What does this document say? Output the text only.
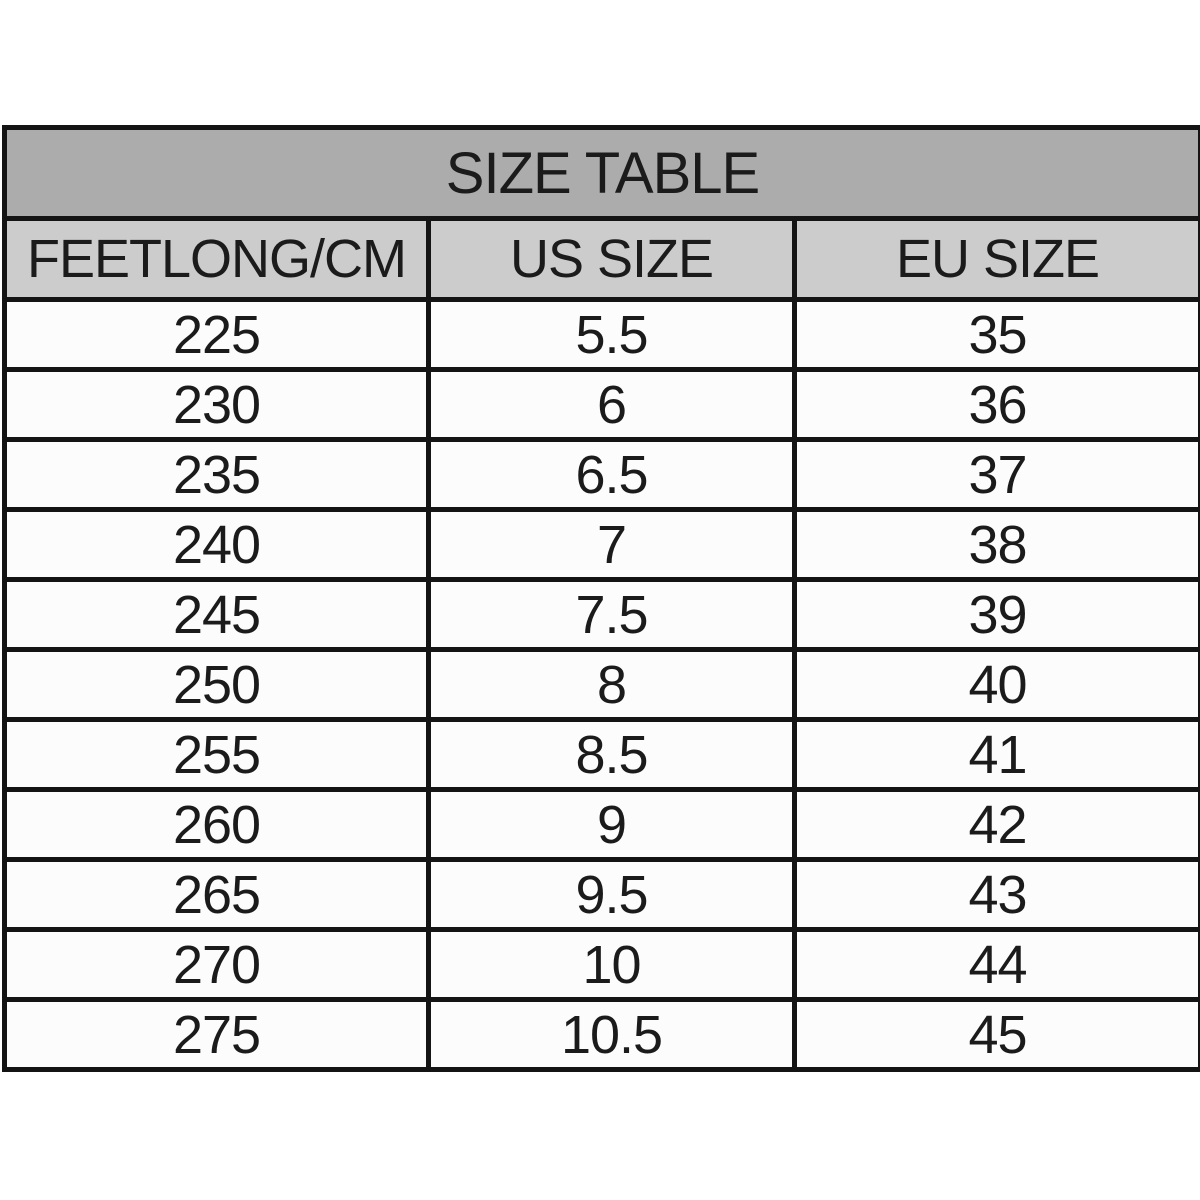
SIZE TABLE		
FEETLONG/CM	US SIZE	EU SIZE
225	5.5	35
230	6	36
235	6.5	37
240	7	38
245	7.5	39
250	8	40
255	8.5	41
260	9	42
265	9.5	43
270	10	44
275	10.5	45
